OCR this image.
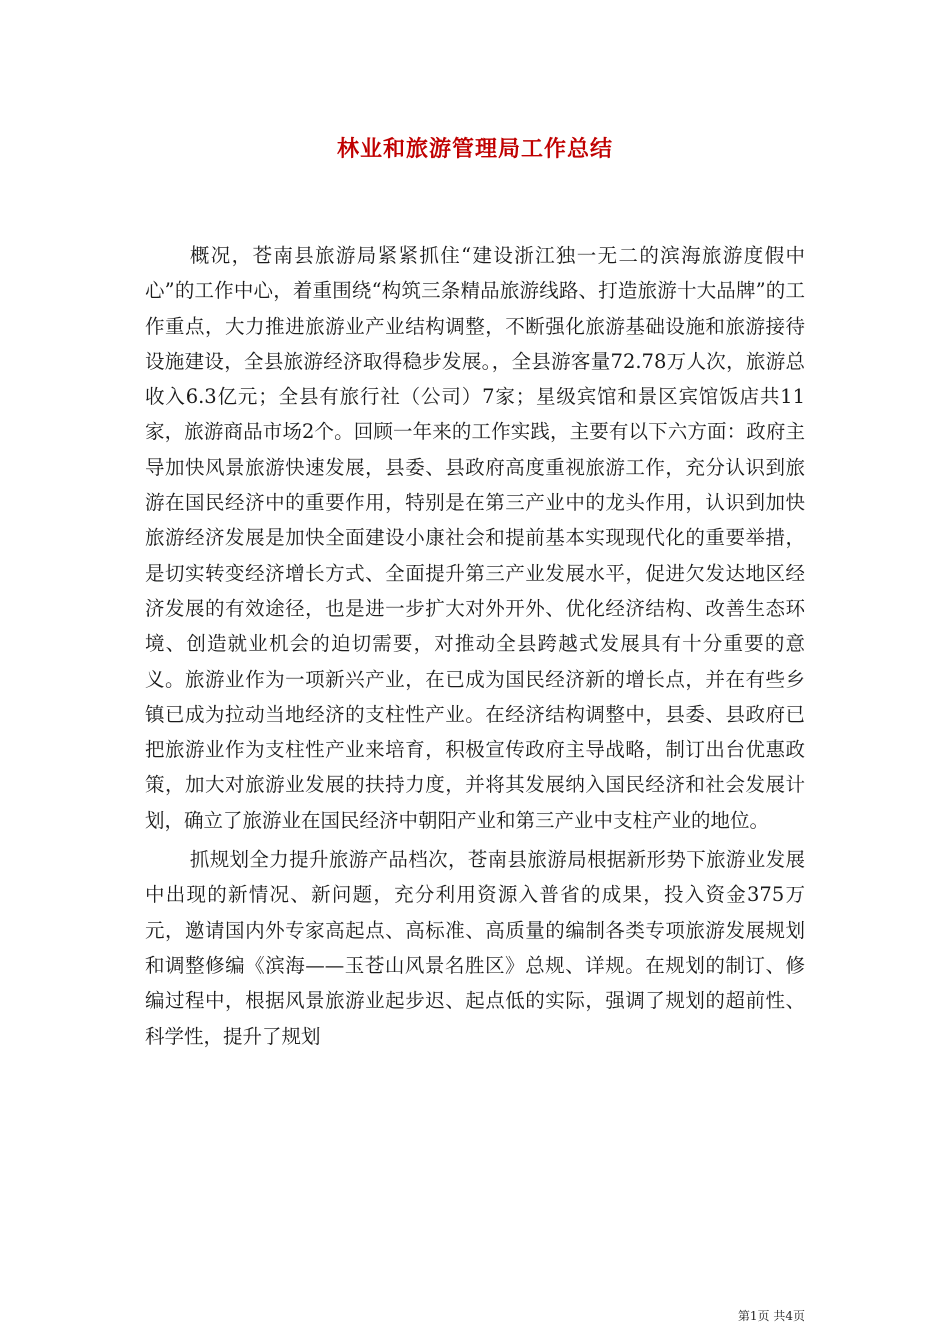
林业和旅游管理局工作总结

概况，苍南县旅游局紧紧抓住“建设浙江独一无二的滨海旅游度假中心”的工作中心，着重围绕“构筑三条精品旅游线路、打造旅游十大品牌”的工作重点，大力推进旅游业产业结构调整，不断强化旅游基础设施和旅游接待设施建设，全县旅游经济取得稳步发展。，全县游客量72.78万人次，旅游总收入6.3亿元；全县有旅行社（公司）7家；星级宾馆和景区宾馆饭店共11家，旅游商品市场2个。回顾一年来的工作实践，主要有以下六方面：政府主导加快风景旅游快速发展，县委、县政府高度重视旅游工作，充分认识到旅游在国民经济中的重要作用，特别是在第三产业中的龙头作用，认识到加快旅游经济发展是加快全面建设小康社会和提前基本实现现代化的重要举措，是切实转变经济增长方式、全面提升第三产业发展水平，促进欠发达地区经济发展的有效途径，也是进一步扩大对外开外、优化经济结构、改善生态环境、创造就业机会的迫切需要，对推动全县跨越式发展具有十分重要的意义。旅游业作为一项新兴产业，在已成为国民经济新的增长点，并在有些乡镇已成为拉动当地经济的支柱性产业。在经济结构调整中，县委、县政府已把旅游业作为支柱性产业来培育，积极宣传政府主导战略，制订出台优惠政策，加大对旅游业发展的扶持力度，并将其发展纳入国民经济和社会发展计划，确立了旅游业在国民经济中朝阳产业和第三产业中支柱产业的地位。

抓规划全力提升旅游产品档次，苍南县旅游局根据新形势下旅游业发展中出现的新情况、新问题，充分利用资源入普省的成果，投入资金375万元，邀请国内外专家高起点、高标准、高质量的编制各类专项旅游发展规划和调整修编《滨海——玉苍山风景名胜区》总规、详规。在规划的制订、修编过程中，根据风景旅游业起步迟、起点低的实际，强调了规划的超前性、科学性，提升了规划

第1页 共4页
